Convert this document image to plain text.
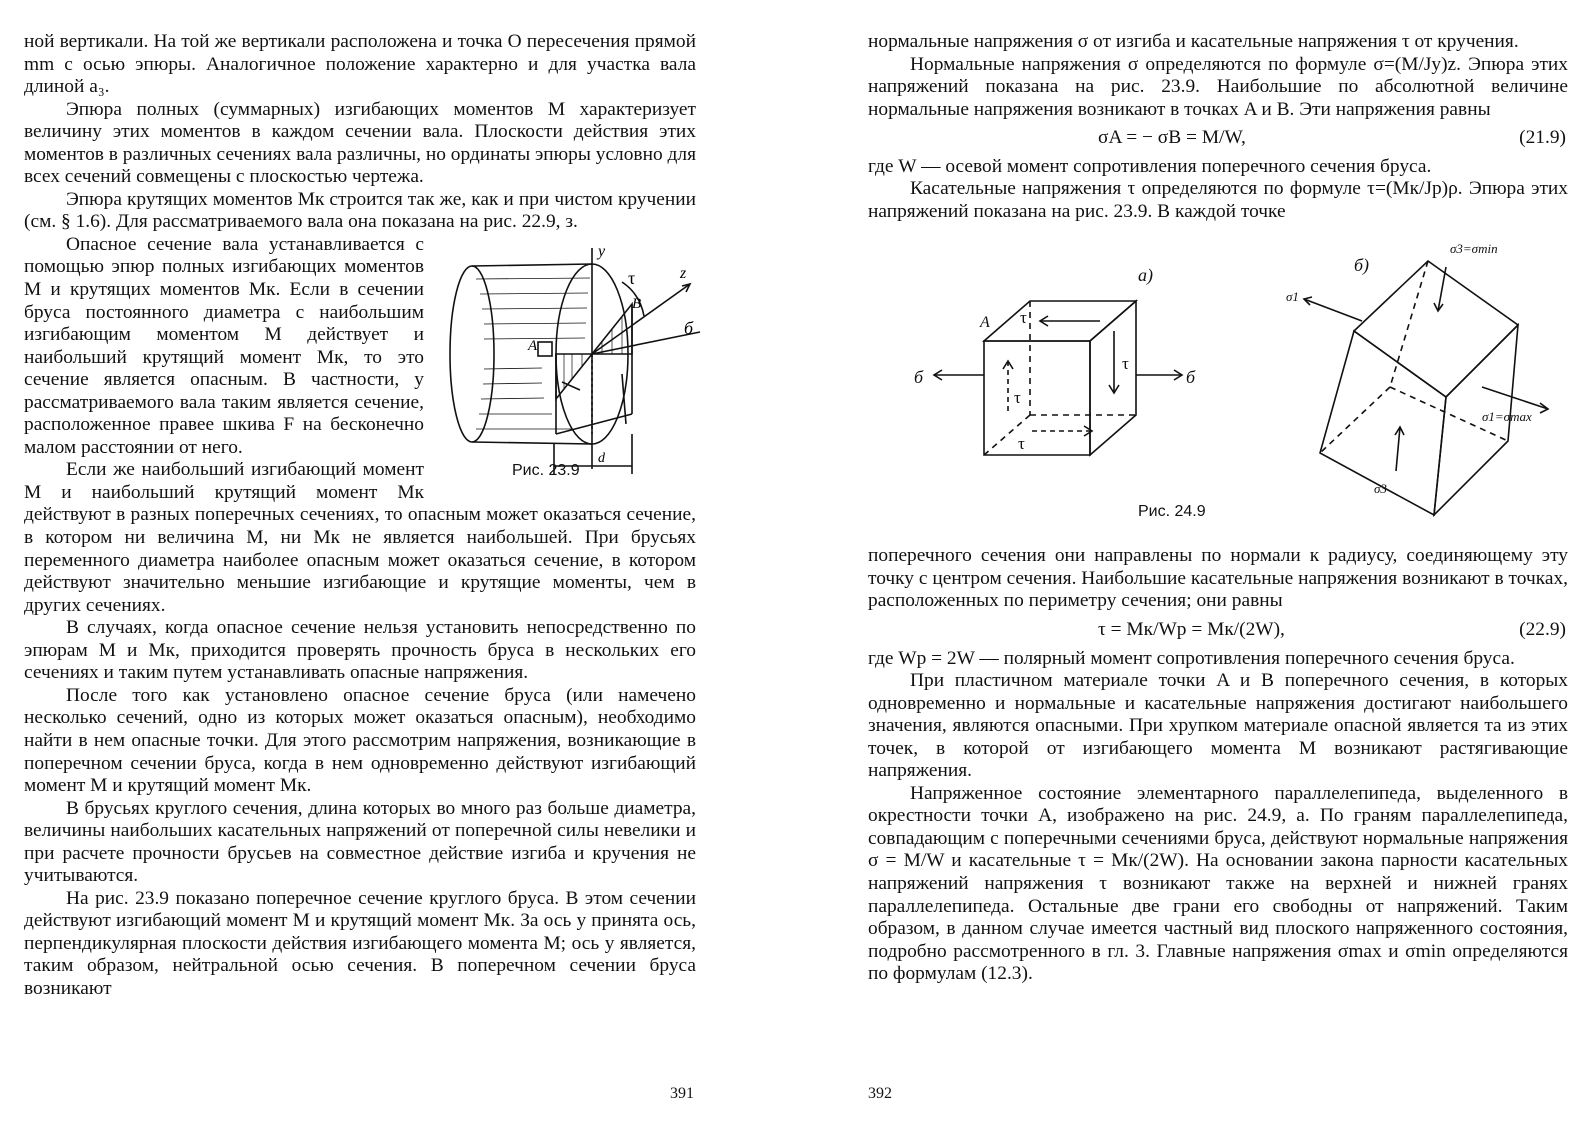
ной вертикали. На той же вертикали расположена и точка O пересечения прямой mm с осью эпюры. Аналогичное положение характерно и для участка вала длиной a₃.

Эпюра полных (суммарных) изгибающих моментов M характеризует величину этих моментов в каждом сечении вала. Плоскости действия этих моментов в различных сечениях вала различны, но ординаты эпюры условно для всех сечений совмещены с плоскостью чертежа.

Эпюра крутящих моментов Mк строится так же, как и при чистом кручении (см. § 1.6). Для рассматриваемого вала она показана на рис. 22.9, з.

y
z
τ
б
A
B
d
Рис. 23.9

Опасное сечение вала устанавливается с помощью эпюр полных изгибающих моментов M и крутящих моментов Mк. Если в сечении бруса постоянного диаметра с наибольшим изгибающим моментом M действует и наибольший крутящий момент Mк, то это сечение является опасным. В частности, у рассматриваемого вала таким является сечение, расположенное правее шкива F на бесконечно малом расстоянии от него.

Если же наибольший изгибающий момент M и наибольший крутящий момент Mк действуют в разных поперечных сечениях, то опасным может оказаться сечение, в котором ни величина M, ни Mк не является наибольшей. При брусьях переменного диаметра наиболее опасным может оказаться сечение, в котором действуют значительно меньшие изгибающие и крутящие моменты, чем в других сечениях.

В случаях, когда опасное сечение нельзя установить непосредственно по эпюрам M и Mк, приходится проверять прочность бруса в нескольких его сечениях и таким путем устанавливать опасные напряжения.

После того как установлено опасное сечение бруса (или намечено несколько сечений, одно из которых может оказаться опасным), необходимо найти в нем опасные точки. Для этого рассмотрим напряжения, возникающие в поперечном сечении бруса, когда в нем одновременно действуют изгибающий момент M и крутящий момент Mк.

В брусьях круглого сечения, длина которых во много раз больше диаметра, величины наибольших касательных напряжений от поперечной силы невелики и при расчете прочности брусьев на совместное действие изгиба и кручения не учитываются.

На рис. 23.9 показано поперечное сечение круглого бруса. В этом сечении действуют изгибающий момент M и крутящий момент Mк. За ось y принята ось, перпендикулярная плоскости действия изгибающего момента M; ось y является, таким образом, нейтральной осью сечения. В поперечном сечении бруса возникают

391

нормальные напряжения σ от изгиба и касательные напряжения τ от кручения.

Нормальные напряжения σ определяются по формуле σ=(M/Jy)z. Эпюра этих напряжений показана на рис. 23.9. Наибольшие по абсолютной величине нормальные напряжения возникают в точках A и B. Эти напряжения равны

σA = − σB = M/W,	(21.9)

где W — осевой момент сопротивления поперечного сечения бруса.

Касательные напряжения τ определяются по формуле τ=(Mк/Jp)ρ. Эпюра этих напряжений показана на рис. 23.9. В каждой точке

а)	б)
A τ
τ
τ
τ
б	б
σ3=σmin
σ1
σ1=σmax
σ3
Рис. 24.9

поперечного сечения они направлены по нормали к радиусу, соединяющему эту точку с центром сечения. Наибольшие касательные напряжения возникают в точках, расположенных по периметру сечения; они равны

τ = Mк/Wp = Mк/(2W),	(22.9)

где Wp = 2W — полярный момент сопротивления поперечного сечения бруса.

При пластичном материале точки A и B поперечного сечения, в которых одновременно и нормальные и касательные напряжения достигают наибольшего значения, являются опасными. При хрупком материале опасной является та из этих точек, в которой от изгибающего момента M возникают растягивающие напряжения.

Напряженное состояние элементарного параллелепипеда, выделенного в окрестности точки A, изображено на рис. 24.9, а. По граням параллелепипеда, совпадающим с поперечными сечениями бруса, действуют нормальные напряжения σ = M/W и касательные τ = Mк/(2W). На основании закона парности касательных напряжений напряжения τ возникают также на верхней и нижней гранях параллелепипеда. Остальные две грани его свободны от напряжений. Таким образом, в данном случае имеется частный вид плоского напряженного состояния, подробно рассмотренного в гл. 3. Главные напряжения σmax и σmin определяются по формулам (12.3).

392
